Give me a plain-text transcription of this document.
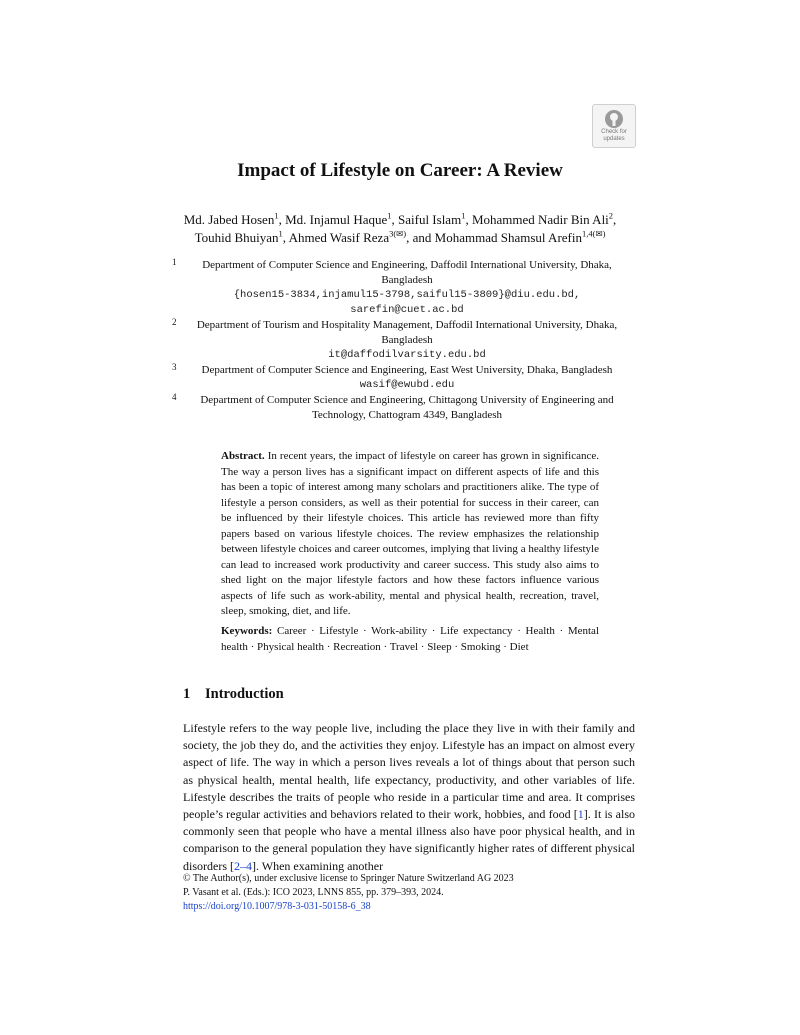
Check for
updates
Impact of Lifestyle on Career: A Review
Md. Jabed Hosen$^1$, Md. Injamul Haque$^1$, Saiful Islam$^1$, Mohammed Nadir Bin Ali$^2$,
Touhid Bhuiyan$^1$, Ahmed Wasif Reza$^{3(✉)}$, and Mohammad Shamsul Arefin$^{1,4(✉)}$
1	Department of Computer Science and Engineering, Daffodil International University, Dhaka, Bangladesh
{hosen15-3834,injamul15-3798,saiful15-3809}@diu.edu.bd,
sarefin@cuet.ac.bd
2	Department of Tourism and Hospitality Management, Daffodil International University, Dhaka, Bangladesh
it@daffodilvarsity.edu.bd
3	Department of Computer Science and Engineering, East West University, Dhaka, Bangladesh
wasif@ewubd.edu
4	Department of Computer Science and Engineering, Chittagong University of Engineering and Technology, Chattogram 4349, Bangladesh
Abstract. In recent years, the impact of lifestyle on career has grown in significance. The way a person lives has a significant impact on different aspects of life and this has been a topic of interest among many scholars and practitioners alike. The type of lifestyle a person considers, as well as their potential for success in their career, can be influenced by their lifestyle choices. This article has reviewed more than fifty papers based on various lifestyle choices. The review emphasizes the relationship between lifestyle choices and career outcomes, implying that living a healthy lifestyle can lead to increased work productivity and career success. This study also aims to shed light on the major lifestyle factors and how these factors influence various aspects of life such as work-ability, mental and physical health, recreation, travel, sleep, smoking, diet, and life.
Keywords: Career · Lifestyle · Work-ability · Life expectancy · Health · Mental health · Physical health · Recreation · Travel · Sleep · Smoking · Diet
1 Introduction
Lifestyle refers to the way people live, including the place they live in with their family and society, the job they do, and the activities they enjoy. Lifestyle has an impact on almost every aspect of life. The way in which a person lives reveals a lot of things about that person such as physical health, mental health, life expectancy, productivity, and other variables of life. Lifestyle describes the traits of people who reside in a particular time and area. It comprises people’s regular activities and behaviors related to their work, hobbies, and food [1]. It is also commonly seen that people who have a mental illness also have poor physical health, and in comparison to the general population they have significantly higher rates of different physical disorders [2–4]. When examining another
© The Author(s), under exclusive license to Springer Nature Switzerland AG 2023
P. Vasant et al. (Eds.): ICO 2023, LNNS 855, pp. 379–393, 2024.
https://doi.org/10.1007/978-3-031-50158-6_38
